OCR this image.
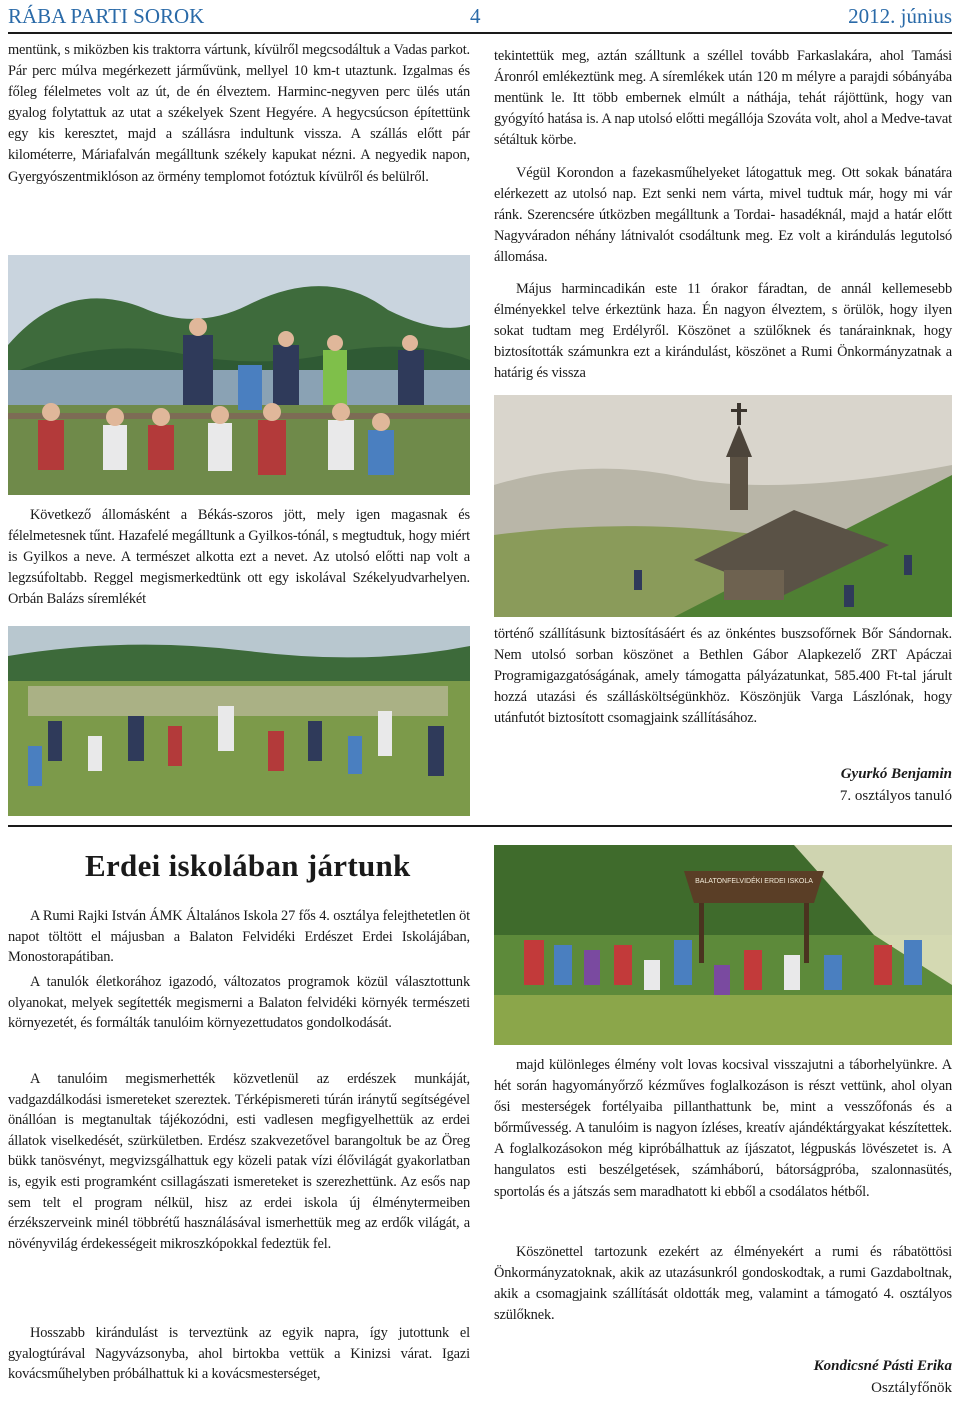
RÁBA PARTI SOROK	4	2012. június

mentünk, s miközben kis traktorra vártunk, kívülről megcsodáltuk a Vadas parkot. Pár perc múlva megérkezett járművünk, mellyel 10 km-t utaztunk. Izgalmas és főleg félelmetes volt az út, de én élveztem. Harminc-negyven perc ülés után gyalog folytattuk az utat a székelyek Szent Hegyére. A hegycsúcson építettünk egy kis keresztet, majd a szállásra indultunk vissza. A szállás előtt pár kilométerre, Máriafalván megálltunk székely kapukat nézni. A negyedik napon, Gyergyószentmiklóson az örmény templomot fotóztuk kívülről és belülről.

Következő állomásként a Békás-szoros jött, mely igen magasnak és félelmetesnek tűnt. Hazafelé megálltunk a Gyilkos-tónál, s megtudtuk, hogy miért is Gyilkos a neve. A természet alkotta ezt a nevet. Az utolsó előtti nap volt a legzsúfoltabb. Reggel megismerkedtünk ott egy iskolával Székelyudvarhelyen. Orbán Balázs síremlékét

tekintettük meg, aztán szálltunk a széllel tovább Farkaslakára, ahol Tamási Áronról emlékeztünk meg. A síremlékek után 120 m mélyre a parajdi sóbányába mentünk le. Itt több embernek elmúlt a náthája, tehát rájöttünk, hogy van gyógyító hatása is. A nap utolsó előtti megállója Szováta volt, ahol a Medve-tavat sétáltuk körbe.

Végül Korondon a fazekasműhelyeket látogattuk meg. Ott sokak bánatára elérkezett az utolsó nap. Ezt senki nem várta, mivel tudtuk már, hogy mi vár ránk. Szerencsére útközben megálltunk a Tordai- hasadéknál, majd a határ előtt Nagyváradon néhány látnivalót csodáltunk meg. Ez volt a kirándulás legutolsó állomása.

Május harmincadikán este 11 órakor fáradtan, de annál kellemesebb élményekkel telve érkeztünk haza. Én nagyon élveztem, s örülök, hogy ilyen sokat tudtam meg Erdélyről. Köszönet a szülőknek és tanárainknak, hogy biztosították számunkra ezt a kirándulást, köszönet a Rumi Önkormányzatnak a határig és vissza

történő szállításunk biztosításáért és az önkéntes buszsofőrnek Bőr Sándornak. Nem utolsó sorban köszönet a Bethlen Gábor Alapkezelő ZRT Apáczai Programigazgatóságának, amely támogatta pályázatunkat, 585.400 Ft-tal járult hozzá utazási és szállásköltségünkhöz. Köszönjük Varga Lászlónak, hogy utánfutót biztosított csomagjaink szállításához.

Gyurkó Benjamin
7. osztályos tanuló
Erdei iskolában jártunk

A Rumi Rajki István ÁMK Általános Iskola 27 fős 4. osztálya felejthetetlen öt napot töltött el májusban a Balaton Felvidéki Erdészet Erdei Iskolájában, Monostorapátiban.

A tanulók életkorához igazodó, változatos programok közül választottunk olyanokat, melyek segítették megismerni a Balaton felvidéki környék természeti környezetét, és formálták tanulóim környezettudatos gondolkodását.

A tanulóim megismerhették közvetlenül az erdészek munkáját, vadgazdálkodási ismereteket szereztek. Térképismereti túrán iránytű segítségével önállóan is megtanultak tájékozódni, esti vadlesen megfigyelhettük az erdei állatok viselkedését, szürkületben. Erdész szakvezetővel barangoltuk be az Öreg bükk tanösvényt, megvizsgálhattuk egy közeli patak vízi élővilágát gyakorlatban is, egyik esti programként csillagászati ismereteket is szerezhettünk. Az esős nap sem telt el program nélkül, hisz az erdei iskola új élménytermeiben érzékszerveink minél többrétű használásával ismerhettük meg az erdők világát, a növényvilág érdekességeit mikroszkópokkal fedeztük fel.

Hosszabb kirándulást is terveztünk az egyik napra, így jutottunk el gyalogtúrával Nagyvázsonyba, ahol birtokba vettük a Kinizsi várat. Igazi kovácsműhelyben próbálhattuk ki a kovácsmesterséget,

BALATONFELVIDÉKI ERDEI ISKOLA

majd különleges élmény volt lovas kocsival visszajutni a táborhelyünkre. A hét során hagyományőrző kézműves foglalkozáson is részt vettünk, ahol olyan ősi mesterségek fortélyaiba pillanthattunk be, mint a vesszőfonás és a bőrművesség. A tanulóim is nagyon ízléses, kreatív ajándéktárgyakat készítettek. A foglalkozásokon még kipróbálhattuk az íjászatot, légpuskás lövészetet is. A hangulatos esti beszélgetések, számháború, bátorságpróba, szalonnasütés, sportolás és a játszás sem maradhatott ki ebből a csodálatos hétből.

Köszönettel tartozunk ezekért az élményekért a rumi és rábatöttösi Önkormányzatoknak, akik az utazásunkról gondoskodtak, a rumi Gazdaboltnak, akik a csomagjaink szállítását oldották meg, valamint a támogató 4. osztályos szülőknek.

Kondicsné Pásti Erika
Osztályfőnök
